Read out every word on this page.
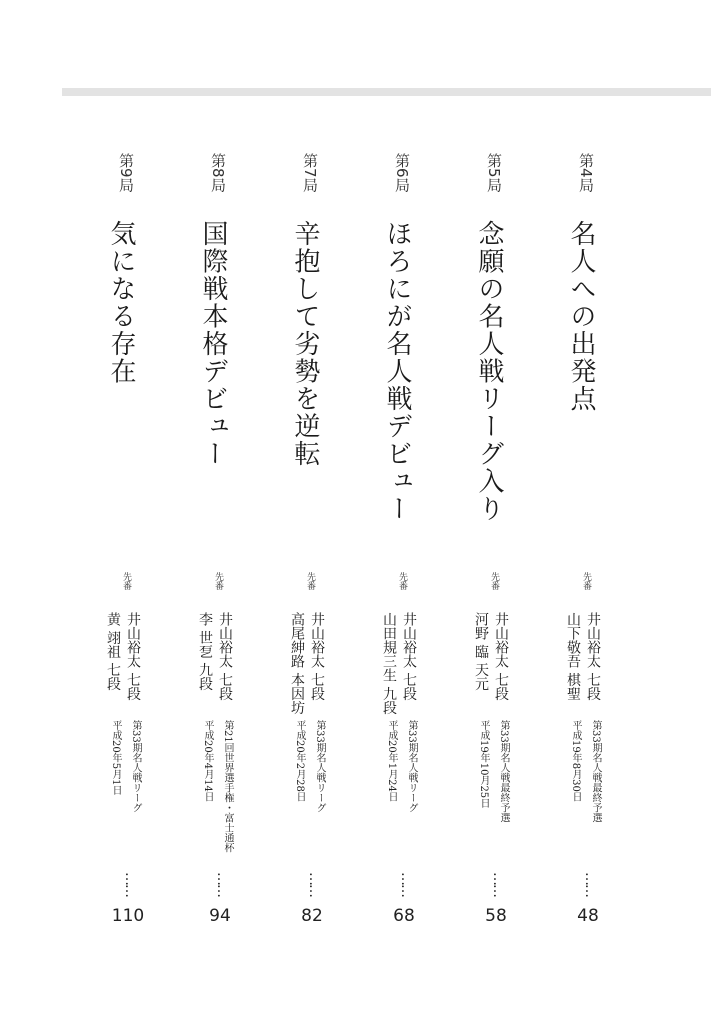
第4局
名人への出発点
先番
井山裕太 七段
山下敬吾 棋聖
第33期名人戦最終予選
平成19年8月30日
……
48
第5局
念願の名人戦リーグ入り
先番
井山裕太 七段
河野 臨 天元
第33期名人戦最終予選
平成19年10月25日
……
58
第6局
ほろにが名人戦デビュー
先番
井山裕太 七段
山田規三生 九段
第33期名人戦リーグ
平成20年1月24日
……
68
第7局
辛抱して劣勢を逆転
先番
井山裕太 七段
高尾紳路 本因坊
第33期名人戦リーグ
平成20年2月28日
……
82
第8局
国際戦本格デビュー
先番
井山裕太 七段
李 世乭 九段
第21回世界選手権・富士通杯
平成20年4月14日
……
94
第9局
気になる存在
先番
井山裕太 七段
黄 翊祖 七段
第33期名人戦リーグ
平成20年5月1日
……
110
